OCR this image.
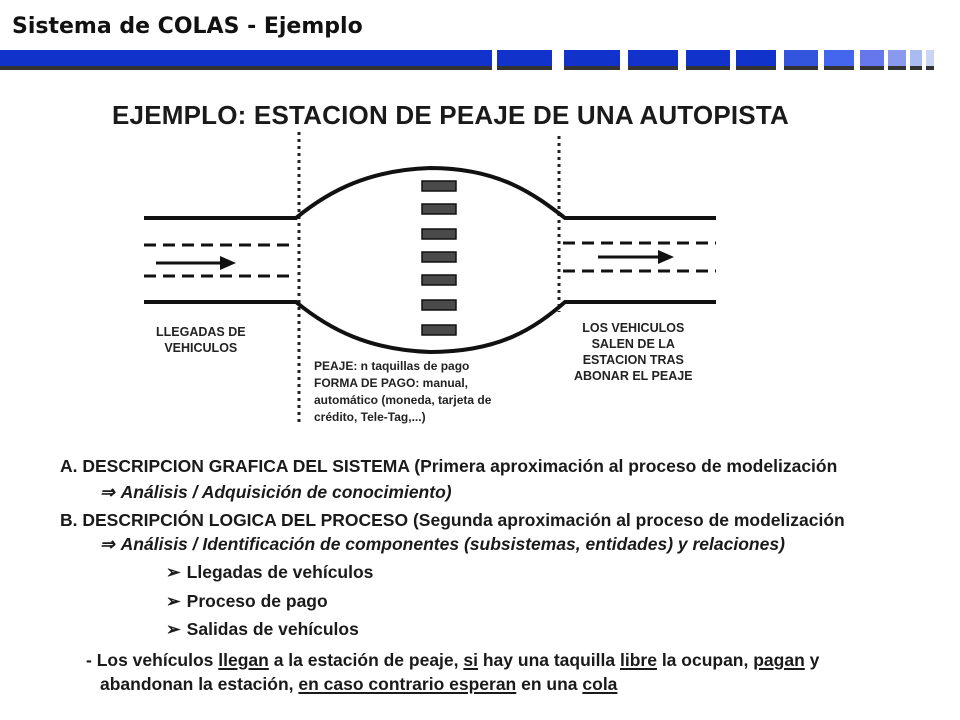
Sistema de COLAS - Ejemplo
EJEMPLO: ESTACION DE PEAJE DE UNA AUTOPISTA
LLEGADAS DE
VEHICULOS
LOS VEHICULOS
SALEN DE LA
ESTACION TRAS
ABONAR EL PEAJE
PEAJE: n taquillas de pago
FORMA DE PAGO: manual,
automático (moneda, tarjeta de
crédito, Tele-Tag,...)
A. DESCRIPCION GRAFICA DEL SISTEMA (Primera aproximación al proceso de modelización
⇒ Análisis / Adquisición de conocimiento)
B. DESCRIPCIÓN LOGICA DEL PROCESO (Segunda aproximación al proceso de modelización
⇒ Análisis / Identificación de componentes (subsistemas, entidades) y relaciones)
➢ Llegadas de vehículos
➢ Proceso de pago
➢ Salidas de vehículos
- Los vehículos llegan a la estación de peaje, si hay una taquilla libre la ocupan, pagan y
abandonan la estación, en caso contrario esperan en una cola
